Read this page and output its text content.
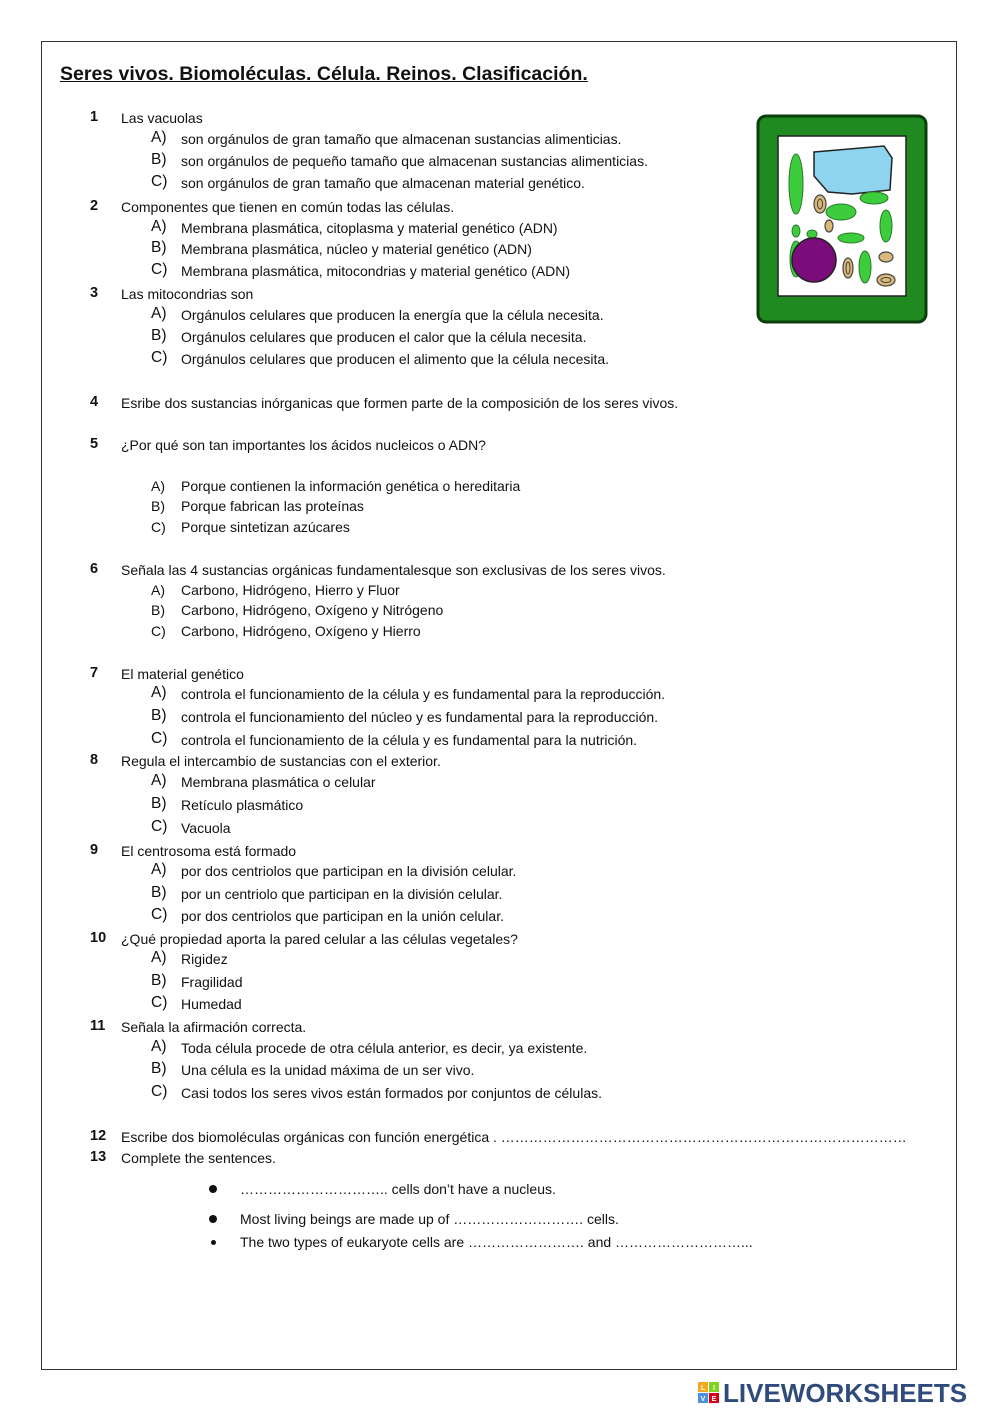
Seres vivos. Biomoléculas. Célula. Reinos. Clasificación.
1 Las vacuolas
A) son orgánulos de gran tamaño que almacenan sustancias alimenticias.
B) son orgánulos de pequeño tamaño que almacenan sustancias alimenticias.
C) son orgánulos de gran tamaño que almacenan material genético.
2 Componentes que tienen en común todas las células.
A) Membrana plasmática, citoplasma y material genético (ADN)
B) Membrana plasmática, núcleo y material genético (ADN)
C) Membrana plasmática, mitocondrias y material genético (ADN)
3 Las mitocondrias son
A) Orgánulos celulares que producen la energía que la célula necesita.
B) Orgánulos celulares que producen el calor que la célula necesita.
C) Orgánulos celulares que producen el alimento que la célula necesita.
4 Esribe dos sustancias inórganicas que formen parte de la composición de los seres vivos.
5 ¿Por qué son tan importantes los ácidos nucleicos o ADN?
A) Porque contienen la información genética o hereditaria
B) Porque fabrican las proteínas
C) Porque sintetizan azúcares
6 Señala las 4 sustancias orgánicas fundamentalesque son exclusivas de los seres vivos.
A) Carbono, Hidrógeno, Hierro y Fluor
B) Carbono, Hidrógeno, Oxígeno y Nitrógeno
C) Carbono, Hidrógeno, Oxígeno y Hierro
7 El material genético
A) controla el funcionamiento de la célula y es fundamental para la reproducción.
B) controla el funcionamiento del núcleo y es fundamental para la reproducción.
C) controla el funcionamiento de la célula y es fundamental para la nutrición.
8 Regula el intercambio de sustancias con el exterior.
A) Membrana plasmática o celular
B) Retículo plasmático
C) Vacuola
9 El centrosoma está formado
A) por dos centriolos que participan en la división celular.
B) por un centriolo que participan en la división celular.
C) por dos centriolos que participan en la unión celular.
10 ¿Qué propiedad aporta la pared celular a las células vegetales?
A) Rigidez
B) Fragilidad
C) Humedad
11 Señala la afirmación correcta.
A) Toda célula procede de otra célula anterior, es decir, ya existente.
B) Una célula es la unidad máxima de un ser vivo.
C) Casi todos los seres vivos están formados por conjuntos de células.
12 Escribe dos biomoléculas orgánicas con función energética . ……………………………………………………………………………
13 Complete the sentences.
………………………….. cells don’t have a nucleus.
Most living beings are made up of ………………………. cells.
The two types of eukaryote cells are ……………………. and ………………………...
L I
V E LIVEWORKSHEETS
